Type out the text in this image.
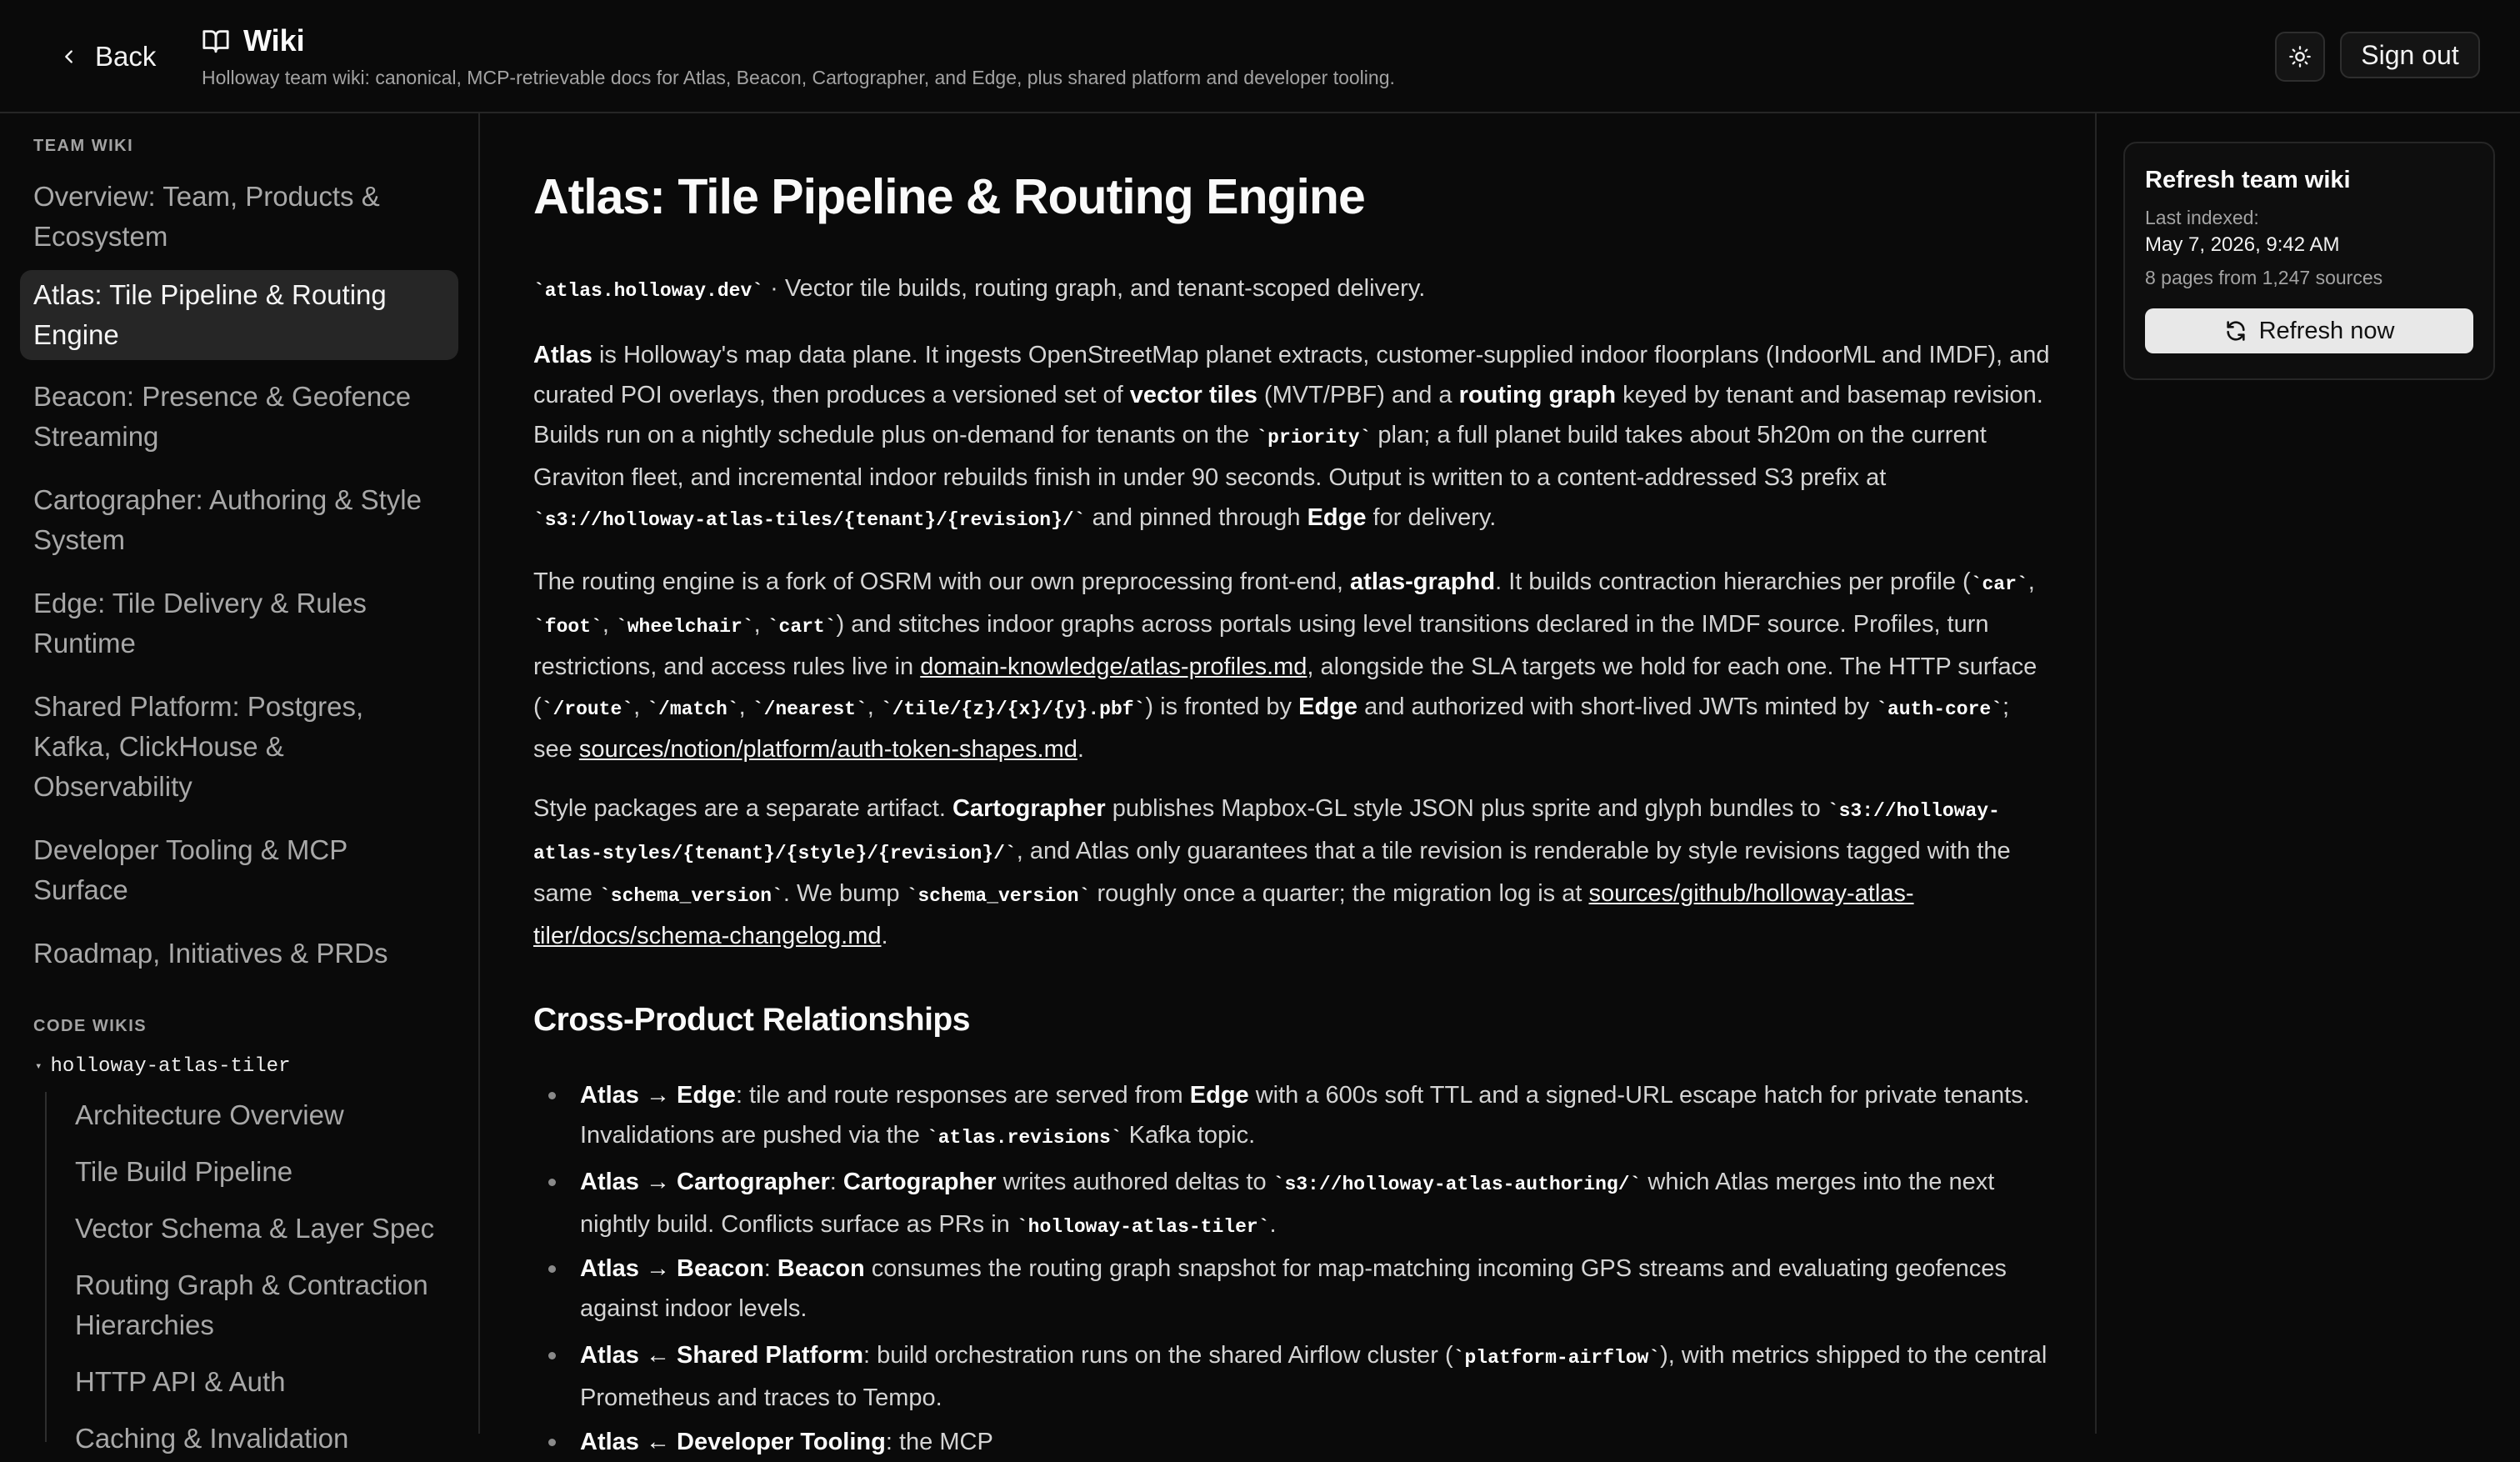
Back	Wiki
Holloway team wiki: canonical, MCP-retrievable docs for Atlas, Beacon, Cartographer, and Edge, plus shared platform and developer tooling.
Sign out
TEAM WIKI
Overview: Team, Products & Ecosystem
Atlas: Tile Pipeline & Routing Engine
Beacon: Presence & Geofence Streaming
Cartographer: Authoring & Style System
Edge: Tile Delivery & Rules Runtime
Shared Platform: Postgres, Kafka, ClickHouse & Observability
Developer Tooling & MCP Surface
Roadmap, Initiatives & PRDs
CODE WIKIS
▾ holloway-atlas-tiler
Architecture Overview
Tile Build Pipeline
Vector Schema & Layer Spec
Routing Graph & Contraction Hierarchies
HTTP API & Auth
Caching & Invalidation
Atlas: Tile Pipeline & Routing Engine
`atlas.holloway.dev` · Vector tile builds, routing graph, and tenant-scoped delivery.
Atlas is Holloway's map data plane. It ingests OpenStreetMap planet extracts, customer-supplied indoor floorplans (IndoorML and IMDF), and curated POI overlays, then produces a versioned set of vector tiles (MVT/PBF) and a routing graph keyed by tenant and basemap revision. Builds run on a nightly schedule plus on-demand for tenants on the `priority` plan; a full planet build takes about 5h20m on the current Graviton fleet, and incremental indoor rebuilds finish in under 90 seconds. Output is written to a content-addressed S3 prefix at `s3://holloway-atlas-tiles/{tenant}/{revision}/` and pinned through Edge for delivery.
The routing engine is a fork of OSRM with our own preprocessing front-end, atlas-graphd. It builds contraction hierarchies per profile (`car`, `foot`, `wheelchair`, `cart`) and stitches indoor graphs across portals using level transitions declared in the IMDF source. Profiles, turn restrictions, and access rules live in domain-knowledge/atlas-profiles.md, alongside the SLA targets we hold for each one. The HTTP surface (`/route`, `/match`, `/nearest`, `/tile/{z}/{x}/{y}.pbf`) is fronted by Edge and authorized with short-lived JWTs minted by `auth-core`; see sources/notion/platform/auth-token-shapes.md.
Style packages are a separate artifact. Cartographer publishes Mapbox-GL style JSON plus sprite and glyph bundles to `s3://holloway-atlas-styles/{tenant}/{style}/{revision}/`, and Atlas only guarantees that a tile revision is renderable by style revisions tagged with the same `schema_version`. We bump `schema_version` roughly once a quarter; the migration log is at sources/github/holloway-atlas-tiler/docs/schema-changelog.md.
Cross-Product Relationships
Atlas → Edge: tile and route responses are served from Edge with a 600s soft TTL and a signed-URL escape hatch for private tenants. Invalidations are pushed via the `atlas.revisions` Kafka topic.
Atlas → Cartographer: Cartographer writes authored deltas to `s3://holloway-atlas-authoring/` which Atlas merges into the next nightly build. Conflicts surface as PRs in `holloway-atlas-tiler`.
Atlas → Beacon: Beacon consumes the routing graph snapshot for map-matching incoming GPS streams and evaluating geofences against indoor levels.
Atlas ← Shared Platform: build orchestration runs on the shared Airflow cluster (`platform-airflow`), with metrics shipped to the central Prometheus and traces to Tempo.
Atlas ← Developer Tooling: the MCP
Refresh team wiki
Last indexed:
May 7, 2026, 9:42 AM
8 pages from 1,247 sources
Refresh now
